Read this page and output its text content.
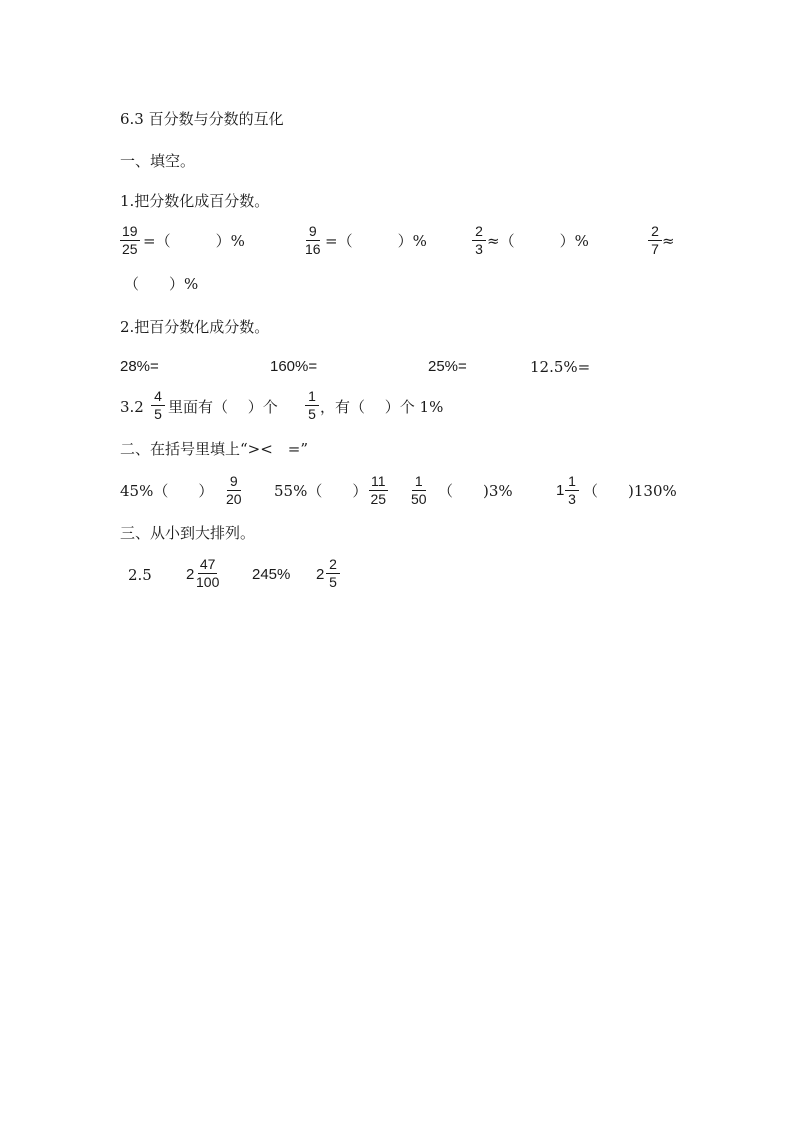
6.3 百分数与分数的互化
一、填空。
1.把分数化成百分数。
$\frac{19}{25}$ =（　　　）%	$\frac{9}{16}$ =（　　　）%	$\frac{2}{3}$ ≈（　　　）%	$\frac{2}{7}$ ≈
（　　）%
2.把百分数化成分数。
28%=	160%=	25%=	12.5%=
$3.2 \frac{4}{5}$ 里面有（　 ）个 $\frac{1}{5}$ ，有（　 ）个 1%
二、在括号里填上“><　=”
45%（　　） $\frac{9}{20} 55\%$（　　） $\frac{11}{25} \frac{1}{50}$ （　　)3%	$1 \frac{1}{3}$ （　　)130%
三、从小到大排列。
2.5 $2 \frac{47}{100} 245\%$ $2 \frac{2}{5}$
